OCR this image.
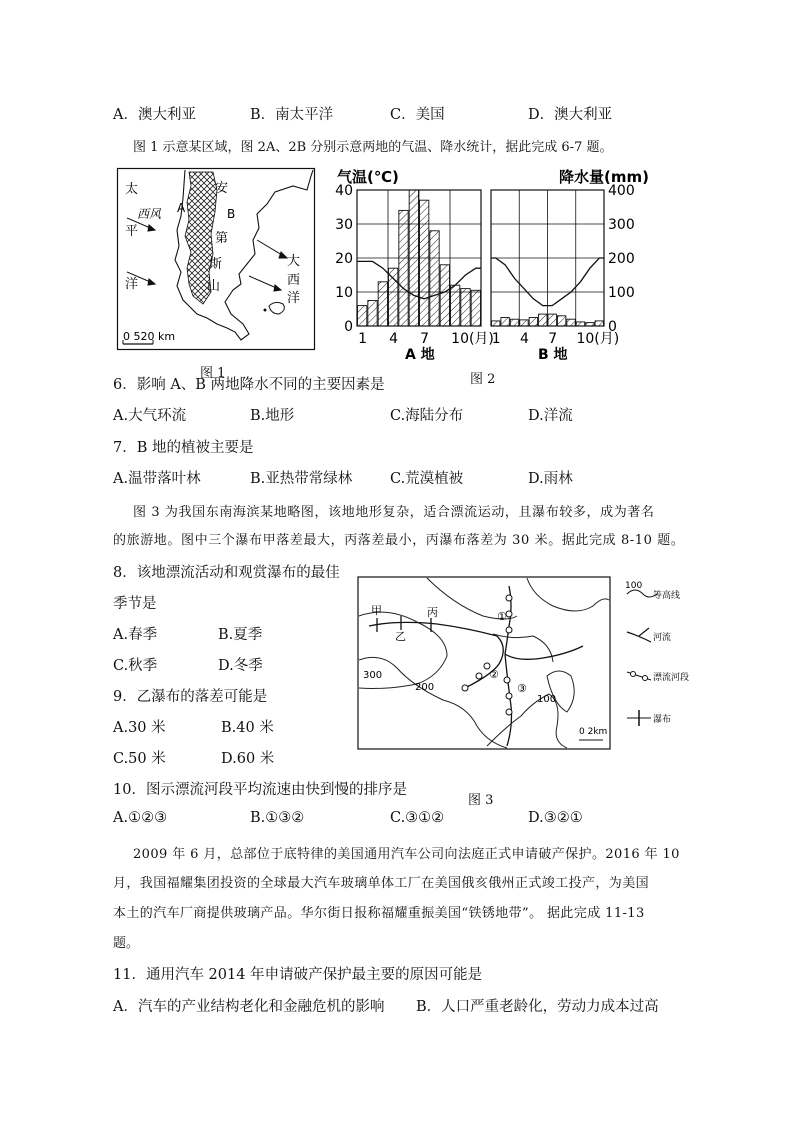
A．澳大利亚	B．南太平洋	C．美国	D．澳大利亚
图 1 示意某区域，图 2A、2B 分别示意两地的气温、降水统计，据此完成 6-7 题。
0 520 km
太
平
洋
西风 A	B
安
第
斯
山
大
西
洋
图 1
气温(℃)	降水量(mm)
0
10
20
30
40
1 4 7 10(月)
0
100
200
300
400
1 4 7 10(月)
A 地	B 地
图 2
6．影响 A、B 两地降水不同的主要因素是
A.大气环流	B.地形	C.海陆分布	D.洋流
7．B 地的植被主要是
A.温带落叶林	B.亚热带常绿林	C.荒漠植被	D.雨林
图 3 为我国东南海滨某地略图，该地地形复杂，适合漂流运动，且瀑布较多，成为著名
的旅游地。图中三个瀑布甲落差最大，丙落差最小，丙瀑布落差为 30 米。据此完成 8-10 题。
8．该地漂流活动和观赏瀑布的最佳
季节是
A.春季	B.夏季
C.秋季	D.冬季
9．乙瀑布的落差可能是
A.30 米	B.40 米
C.50 米	D.60 米
甲
乙
丙
300
200
100
①
②
③
0 2km
100
等高线
河流
漂流河段
瀑布
图 3
10．图示漂流河段平均流速由快到慢的排序是
A.①②③	B.①③②	C.③①②	D.③②①
2009 年 6 月，总部位于底特律的美国通用汽车公司向法庭正式申请破产保护。2016 年 10
月，我国福耀集团投资的全球最大汽车玻璃单体工厂在美国俄亥俄州正式竣工投产，为美国
本土的汽车厂商提供玻璃产品。华尔街日报称福耀重振美国“铁锈地带”。 据此完成 11-13
题。
11．通用汽车 2014 年申请破产保护最主要的原因可能是
A．汽车的产业结构老化和金融危机的影响 B．人口严重老龄化，劳动力成本过高
